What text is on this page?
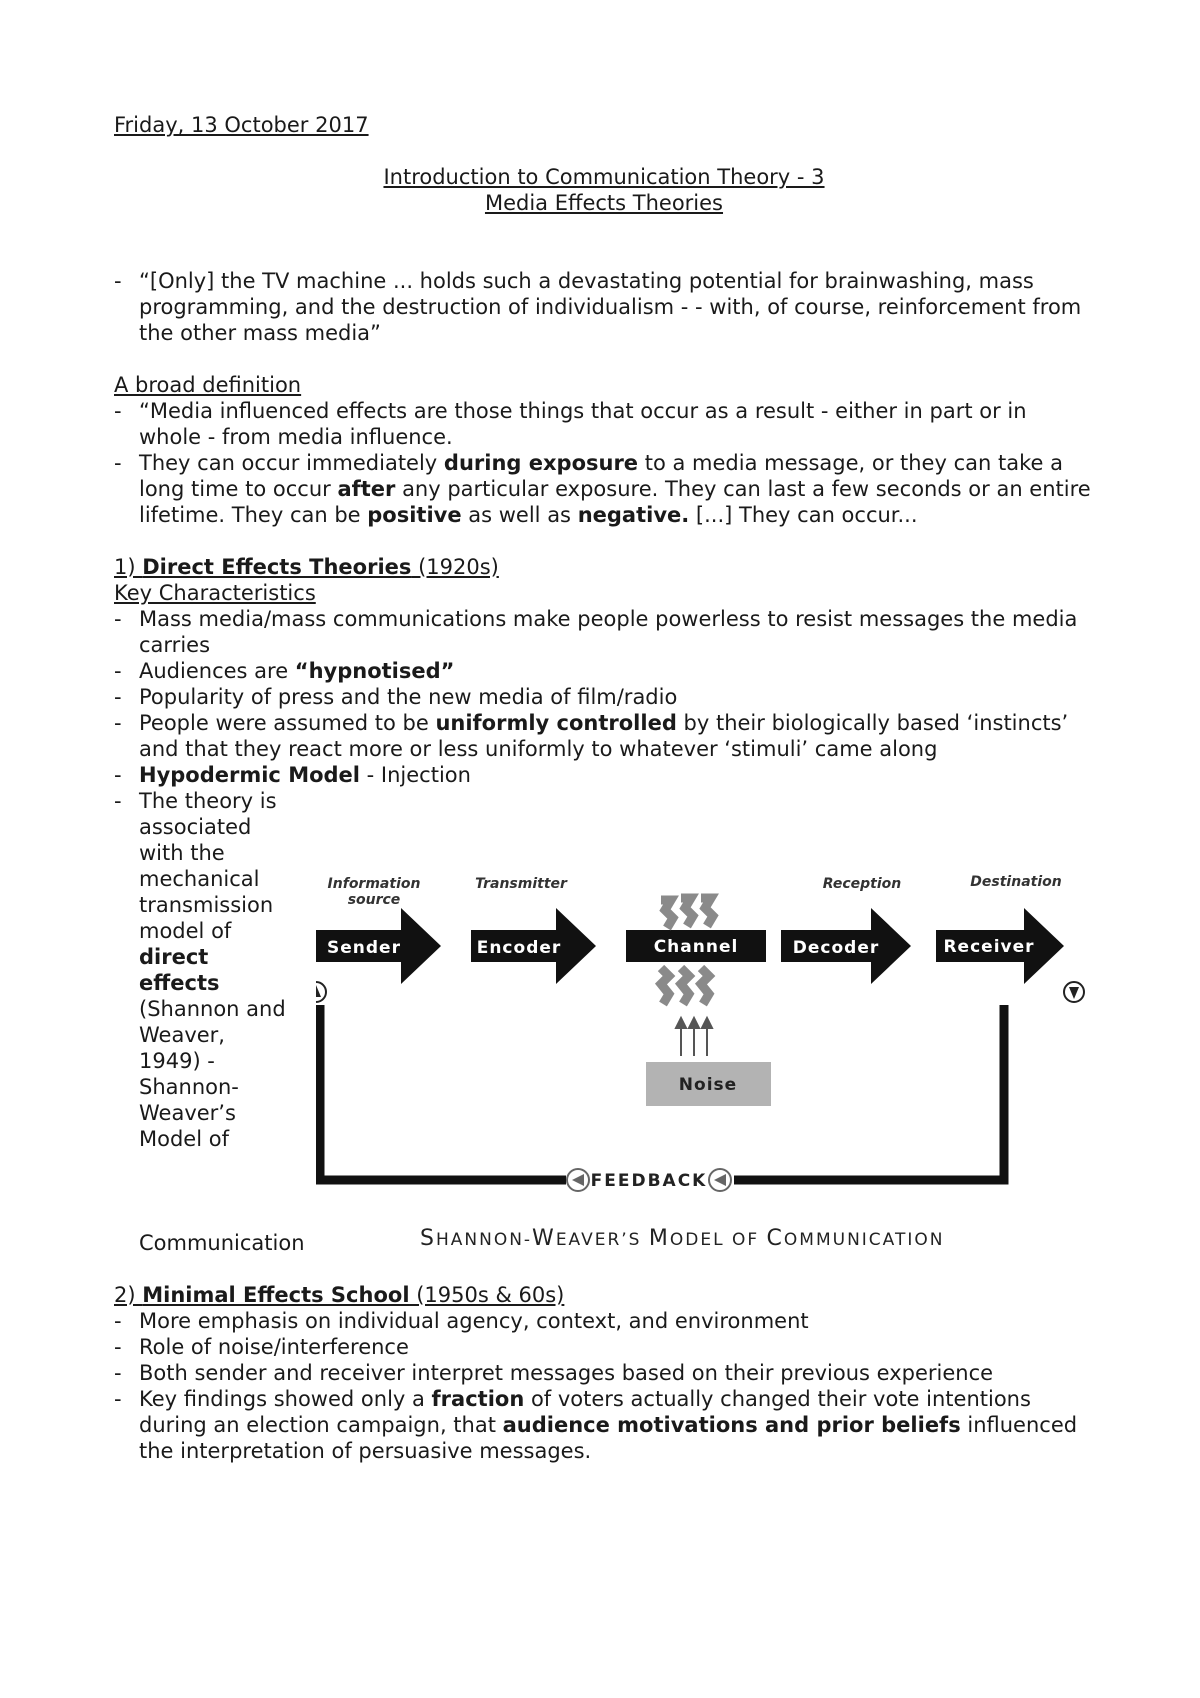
Friday, 13 October 2017
Introduction to Communication Theory - 3
Media Effects Theories
- “[Only] the TV machine ... holds such a devastating potential for brainwashing, mass programming, and the destruction of individualism - - with, of course, reinforcement from the other mass media”
A broad definition
- “Media influenced effects are those things that occur as a result - either in part or in whole - from media influence.
- They can occur immediately during exposure to a media message, or they can take a long time to occur after any particular exposure. They can last a few seconds or an entire lifetime. They can be positive as well as negative. [...] They can occur...
1) Direct Effects Theories (1920s)
Key Characteristics
- Mass media/mass communications make people powerless to resist messages the media carries
- Audiences are “hypnotised”
- Popularity of press and the new media of film/radio
- People were assumed to be uniformly controlled by their biologically based ‘instincts’ and that they react more or less uniformly to whatever ‘stimuli’ came along
- Hypodermic Model - Injection
- The theory is associated with the mechanical transmission model of direct effects (Shannon and Weaver, 1949) - Shannon-Weaver’s Model of
Communication
2) Minimal Effects School (1950s & 60s)
- More emphasis on individual agency, context, and environment
- Role of noise/interference
- Both sender and receiver interpret messages based on their previous experience
- Key findings showed only a fraction of voters actually changed their vote intentions during an election campaign, that audience motivations and prior beliefs influenced the interpretation of persuasive messages.
Information
source
Transmitter	Reception	Destination
Sender	Encoder	Channel	Decoder	Receiver
Noise
FEEDBACK
SHANNON-WEAVER’S MODEL OF COMMUNICATION
